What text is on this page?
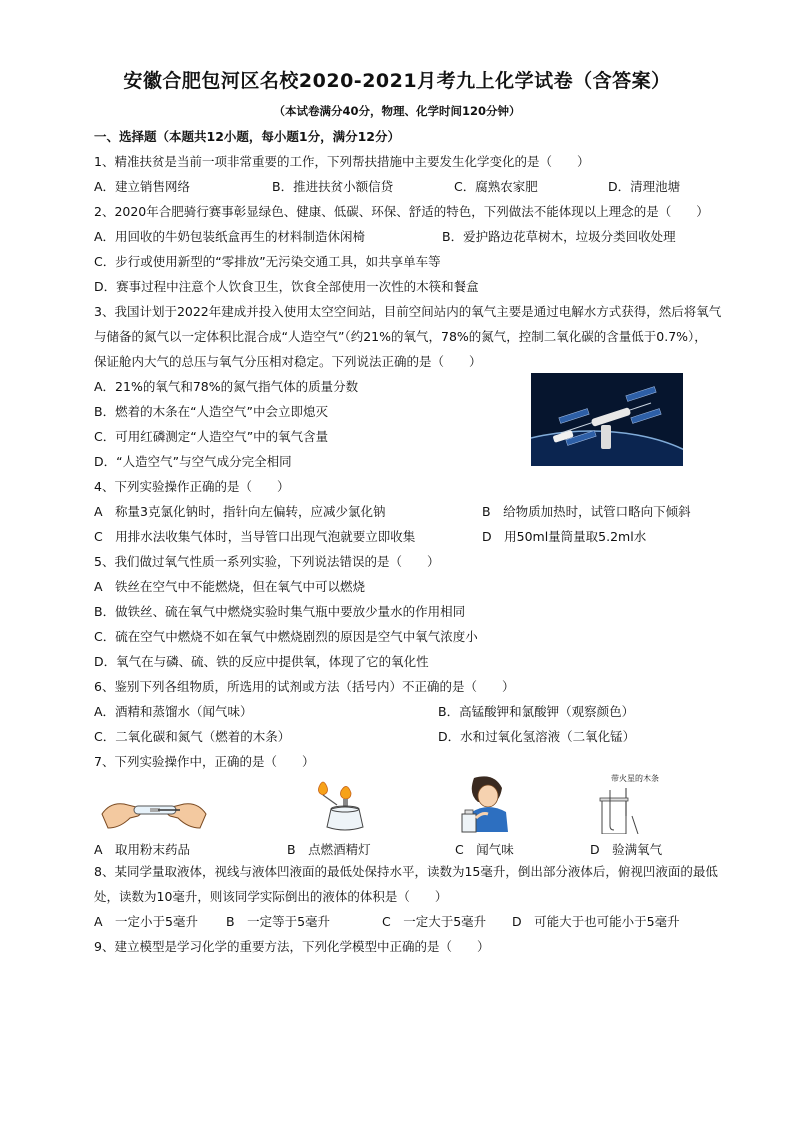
安徽合肥包河区名校2020-2021月考九上化学试卷（含答案）
（本试卷满分40分，物理、化学时间120分钟）
一、选择题（本题共12小题，每小题1分，满分12分）
1、精准扶贫是当前一项非常重要的工作，下列帮扶措施中主要发生化学变化的是（　　）
A．建立销售网络	B．推进扶贫小额信贷	C．腐熟农家肥	D．清理池塘
2、2020年合肥骑行赛事彰显绿色、健康、低碳、环保、舒适的特色，下列做法不能体现以上理念的是（　　）
A．用回收的牛奶包装纸盒再生的材料制造休闲椅	B．爱护路边花草树木，垃圾分类回收处理
C．步行或使用新型的“零排放”无污染交通工具，如共享单车等
D．赛事过程中注意个人饮食卫生，饮食全部使用一次性的木筷和餐盒
3、我国计划于2022年建成并投入使用太空空间站，目前空间站内的氧气主要是通过电解水方式获得，然后将氧气
与储备的氮气以一定体积比混合成“人造空气”（约21%的氧气，78%的氮气，控制二氧化碳的含量低于0.7%），
保证舱内大气的总压与氧气分压相对稳定。下列说法正确的是（　　）
A．21%的氧气和78%的氮气指气体的质量分数
B．燃着的木条在“人造空气”中会立即熄灭
C．可用红磷测定“人造空气”中的氧气含量
D．“人造空气”与空气成分完全相同
4、下列实验操作正确的是（　　）
A　称量3克氯化钠时，指针向左偏转，应减少氯化钠	B　给物质加热时，试管口略向下倾斜
C　用排水法收集气体时，当导管口出现气泡就要立即收集	D　用50ml量筒量取5.2ml水
5、我们做过氧气性质一系列实验，下列说法错误的是（　　）
A　铁丝在空气中不能燃烧，但在氧气中可以燃烧
B．做铁丝、硫在氧气中燃烧实验时集气瓶中要放少量水的作用相同
C．硫在空气中燃烧不如在氧气中燃烧剧烈的原因是空气中氧气浓度小
D．氧气在与磷、硫、铁的反应中提供氧，体现了它的氧化性
6、鉴别下列各组物质，所选用的试剂或方法（括号内）不正确的是（　　）
A．酒精和蒸馏水（闻气味）	B．高锰酸钾和氯酸钾（观察颜色）
C．二氧化碳和氮气（燃着的木条）	D．水和过氧化氢溶液（二氧化锰）
7、下列实验操作中，正确的是（　　）
A　取用粉末药品	B　点燃酒精灯	C　闻气味
带火星的木条
D　验满氧气
8、某同学量取液体，视线与液体凹液面的最低处保持水平，读数为15毫升，倒出部分液体后，俯视凹液面的最低
处，读数为10毫升，则该同学实际倒出的液体的体积是（　　）
A　一定小于5毫升 B　一定等于5毫升	C　一定大于5毫升 D　可能大于也可能小于5毫升
9、建立模型是学习化学的重要方法，下列化学模型中正确的是（　　）
